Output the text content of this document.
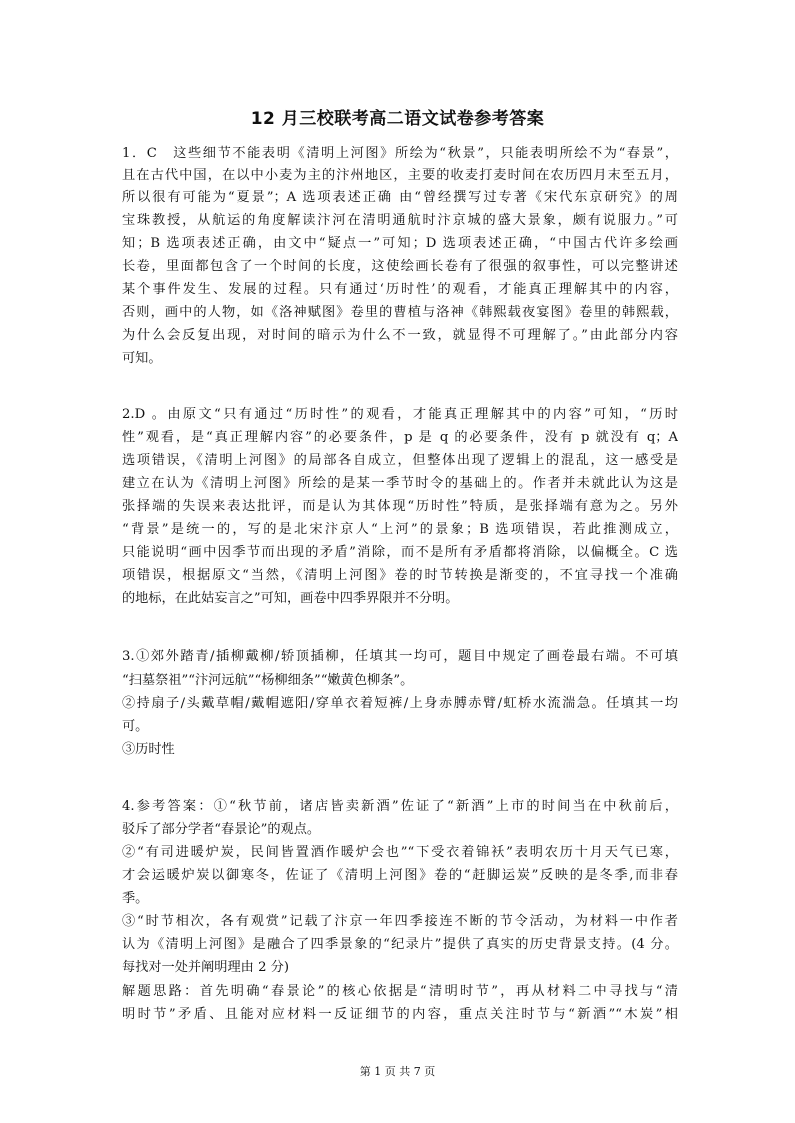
12 月三校联考高二语文试卷参考答案
1．C　这些细节不能表明《清明上河图》所绘为“秋景”，只能表明所绘不为“春景”，
且在古代中国，在以中小麦为主的汴州地区，主要的收麦打麦时间在农历四月末至五月，
所以很有可能为“夏景”；A 选项表述正确 由“曾经撰写过专著《宋代东京研究》的周
宝珠教授，从航运的角度解读汴河在清明通航时汴京城的盛大景象，颇有说服力。”可
知；B 选项表述正确，由文中“疑点一”可知；D 选项表述正确，“中国古代许多绘画
长卷，里面都包含了一个时间的长度，这使绘画长卷有了很强的叙事性，可以完整讲述
某个事件发生、发展的过程。只有通过‘历时性’的观看，才能真正理解其中的内容，
否则，画中的人物，如《洛神赋图》卷里的曹植与洛神《韩熙载夜宴图》卷里的韩熙载，
为什么会反复出现，对时间的暗示为什么不一致，就显得不可理解了。”由此部分内容
可知。
2.D 。由原文“只有通过“历时性”的观看，才能真正理解其中的内容”可知，“历时
性”观看，是“真正理解内容”的必要条件，p 是 q 的必要条件，没有 p 就没有 q；A
选项错误，《清明上河图》的局部各自成立，但整体出现了逻辑上的混乱，这一感受是
建立在认为《清明上河图》所绘的是某一季节时令的基础上的。作者并未就此认为这是
张择端的失误来表达批评，而是认为其体现“历时性”特质，是张择端有意为之。另外
“背景”是统一的，写的是北宋汴京人“上河”的景象；B 选项错误，若此推测成立，
只能说明“画中因季节而出现的矛盾”消除，而不是所有矛盾都将消除，以偏概全。C 选
项错误，根据原文“当然，《清明上河图》卷的时节转换是渐变的，不宜寻找一个准确
的地标，在此姑妄言之”可知，画卷中四季界限并不分明。
3.①郊外踏青/插柳戴柳/轿顶插柳，任填其一均可，题目中规定了画卷最右端。不可填
“扫墓祭祖”“汴河远航”“杨柳细条”“嫩黄色柳条”。
②持扇子/头戴草帽/戴帽遮阳/穿单衣着短裤/上身赤膊赤臂/虹桥水流湍急。任填其一均
可。
③历时性
4.参考答案：①“秋节前，诸店皆卖新酒”佐证了“新酒”上市的时间当在中秋前后，
驳斥了部分学者“春景论”的观点。
②“有司进暖炉炭，民间皆置酒作暖炉会也”“下受衣着锦袄”表明农历十月天气已寒，
才会运暖炉炭以御寒冬，佐证了《清明上河图》卷的“赶脚运炭”反映的是冬季,而非春
季。
③“时节相次，各有观赏”记载了汴京一年四季接连不断的节令活动，为材料一中作者
认为《清明上河图》是融合了四季景象的“纪录片”提供了真实的历史背景支持。(4 分。
每找对一处并阐明理由 2 分)
解题思路：首先明确“春景论”的核心依据是“清明时节”，再从材料二中寻找与“清
明时节”矛盾、且能对应材料一反证细节的内容，重点关注时节与“新酒”“木炭”相
第 1 页 共 7 页
